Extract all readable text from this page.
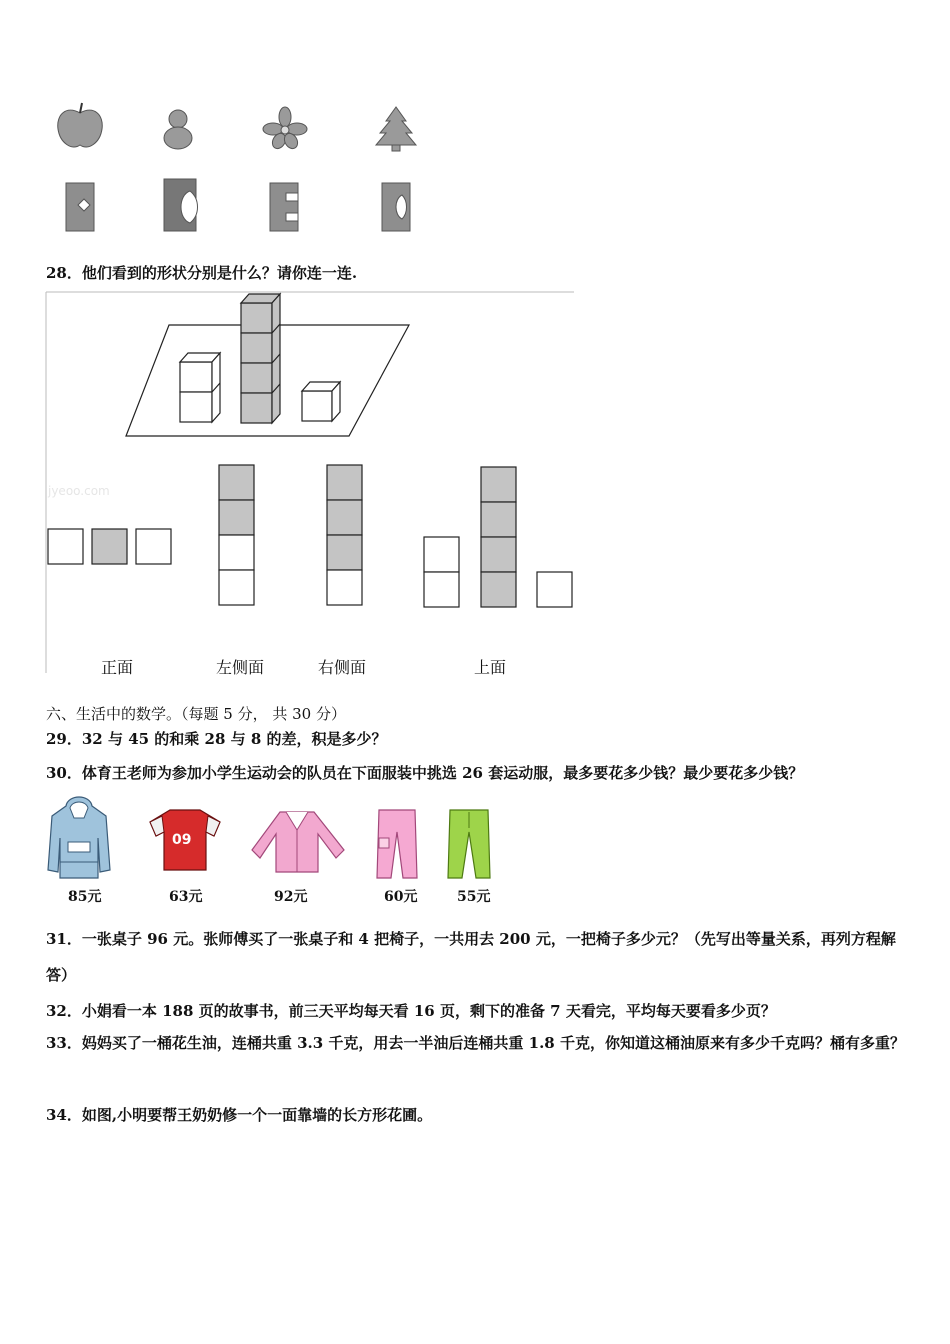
28．他们看到的形状分别是什么？请你连一连.
jyeoo.com
正面	左侧面	右侧面	上面
六、生活中的数学。（每题 5 分， 共 30 分）
29．32 与 45 的和乘 28 与 8 的差，积是多少？
30．体育王老师为参加小学生运动会的队员在下面服装中挑选 26 套运动服，最多要花多少钱？最少要花多少钱？
09
85元	63元	92元	60元	55元
31．一张桌子 96 元。张师傅买了一张桌子和 4 把椅子，一共用去 200 元，一把椅子多少元？（先写出等量关系，再列方程解答）
32．小娟看一本 188 页的故事书，前三天平均每天看 16 页，剩下的准备 7 天看完，平均每天要看多少页？
33．妈妈买了一桶花生油，连桶共重 3.3 千克，用去一半油后连桶共重 1.8 千克，你知道这桶油原来有多少千克吗？桶有多重？
34．如图,小明要帮王奶奶修一个一面靠墙的长方形花圃。
